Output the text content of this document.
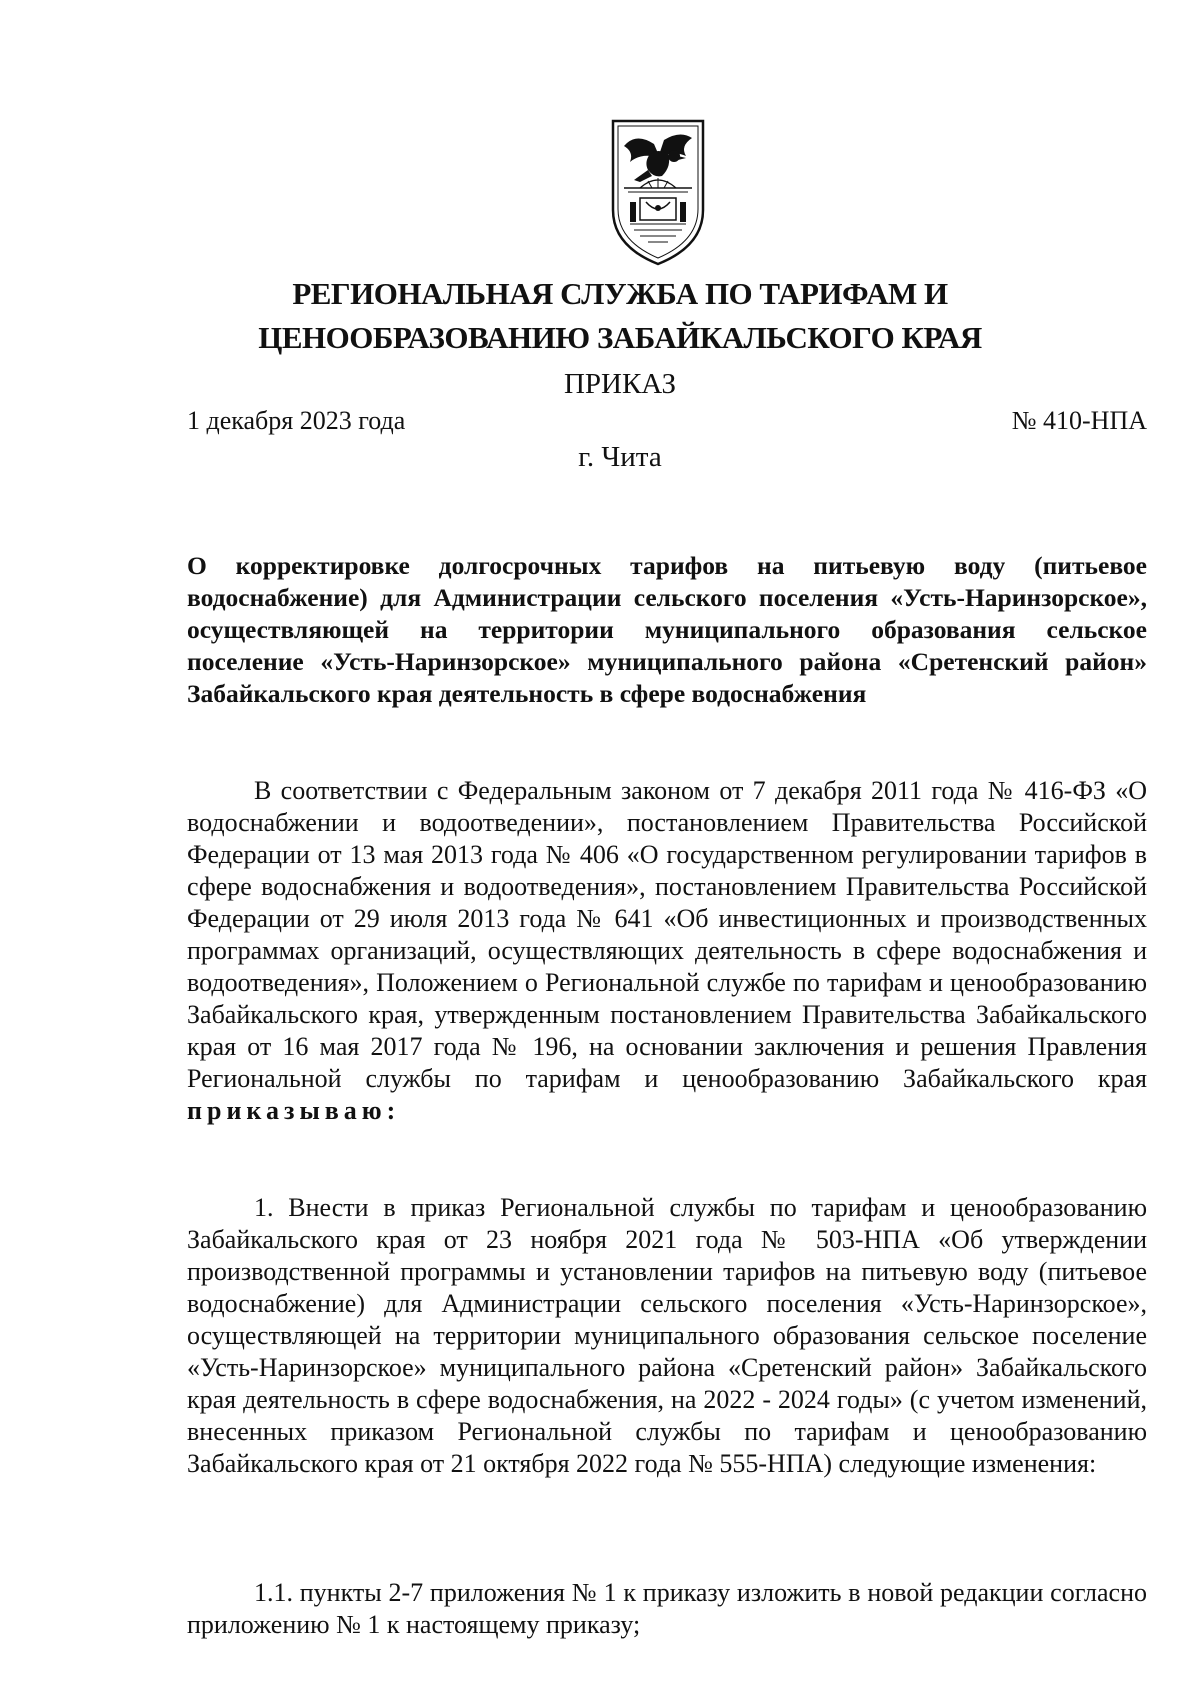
РЕГИОНАЛЬНАЯ СЛУЖБА ПО ТАРИФАМ И
ЦЕНООБРАЗОВАНИЮ ЗАБАЙКАЛЬСКОГО КРАЯ
ПРИКАЗ
1 декабря 2023 года	№ 410-НПА
г. Чита
О корректировке долгосрочных тарифов на питьевую воду (питьевое водоснабжение) для Администрации сельского поселения «Усть-Наринзорское», осуществляющей на территории муниципального образования сельское поселение «Усть-Наринзорское» муниципального района «Сретенский район» Забайкальского края деятельность в сфере водоснабжения
В соответствии с Федеральным законом от 7 декабря 2011 года № 416-ФЗ «О водоснабжении и водоотведении», постановлением Правительства Российской Федерации от 13 мая 2013 года № 406 «О государственном регулировании тарифов в сфере водоснабжения и водоотведения», постановлением Правительства Российской Федерации от 29 июля 2013 года № 641 «Об инвестиционных и производственных программах организаций, осуществляющих деятельность в сфере водоснабжения и водоотведения», Положением о Региональной службе по тарифам и ценообразованию Забайкальского края, утвержденным постановлением Правительства Забайкальского края от 16 мая 2017 года № 196, на основании заключения и решения Правления Региональной службы по тарифам и ценообразованию Забайкальского края приказываю:
1. Внести в приказ Региональной службы по тарифам и ценообразованию Забайкальского края от 23 ноября 2021 года № 503-НПА «Об утверждении производственной программы и установлении тарифов на питьевую воду (питьевое водоснабжение) для Администрации сельского поселения «Усть-Наринзорское», осуществляющей на территории муниципального образования сельское поселение «Усть-Наринзорское» муниципального района «Сретенский район» Забайкальского края деятельность в сфере водоснабжения, на 2022 - 2024 годы» (с учетом изменений, внесенных приказом Региональной службы по тарифам и ценообразованию Забайкальского края от 21 октября 2022 года № 555-НПА) следующие изменения:
1.1. пункты 2-7 приложения № 1 к приказу изложить в новой редакции согласно приложению № 1 к настоящему приказу;
